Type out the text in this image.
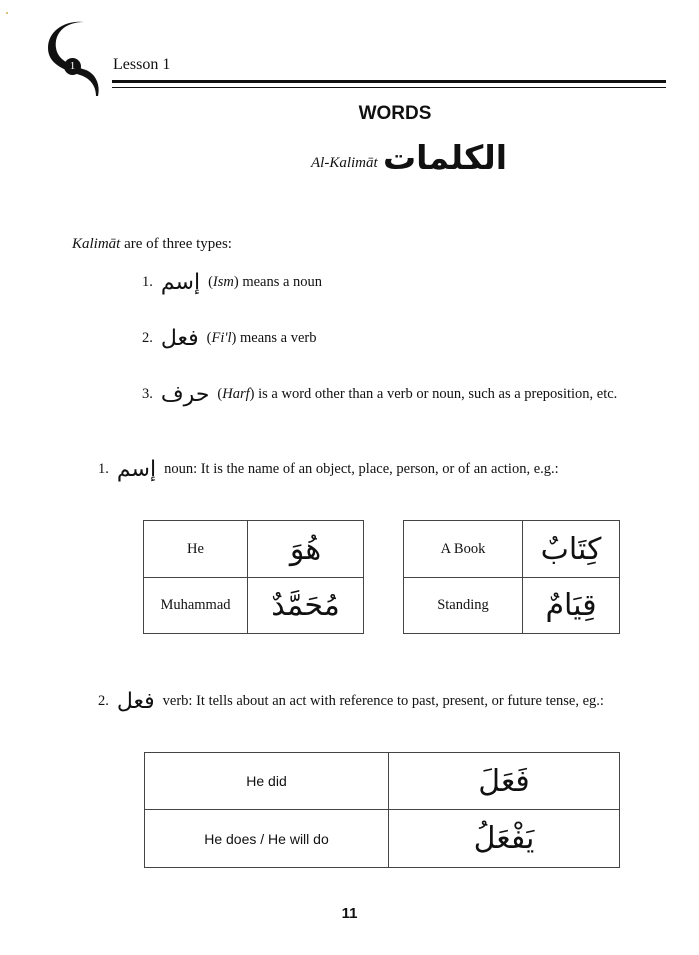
1	Lesson 1
WORDS
Al-Kalimāt الكلمات
Kalimāt are of three types:
1. إسم (Ism) means a noun
2. فعل (Fi'l) means a verb
3. حرف (Harf) is a word other than a verb or noun, such as a preposition, etc.
1. إسم noun: It is the name of an object, place, person, or of an action, e.g.:
He	هُوَ
Muhammad	مُحَمَّدٌ
A Book	كِتَابٌ
Standing	قِيَامٌ
2. فعل verb: It tells about an act with reference to past, present, or future tense, eg.:
He did	فَعَلَ
He does / He will do	يَفْعَلُ
11
